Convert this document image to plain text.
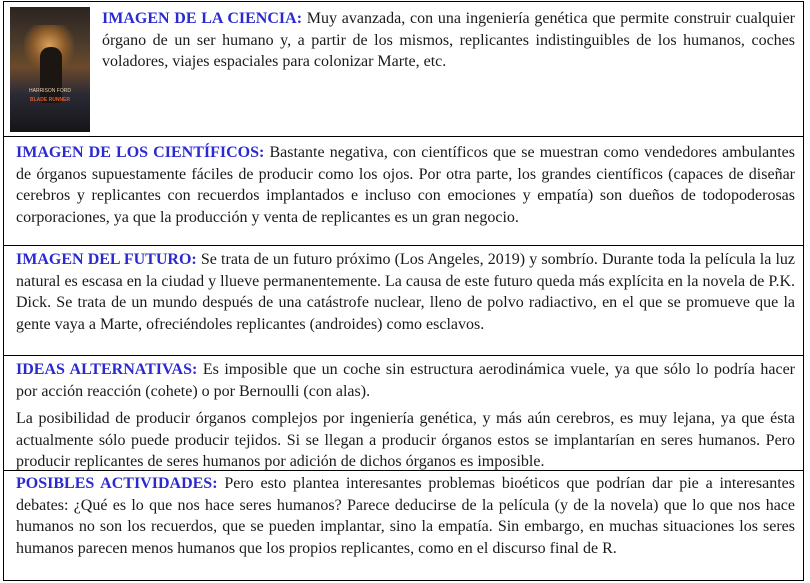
HARRISON FORD
BLADE RUNNER

IMAGEN DE LA CIENCIA: Muy avanzada, con una ingeniería genética que permite construir cualquier órgano de un ser humano y, a partir de los mismos, replicantes indistinguibles de los humanos, coches voladores, viajes espaciales para colonizar Marte, etc.

IMAGEN DE LOS CIENTÍFICOS: Bastante negativa, con científicos que se muestran como vendedores ambulantes de órganos supuestamente fáciles de producir como los ojos. Por otra parte, los grandes científicos (capaces de diseñar cerebros y replicantes con recuerdos implantados e incluso con emociones y empatía) son dueños de todopoderosas corporaciones, ya que la producción y venta de replicantes es un gran negocio.

IMAGEN DEL FUTURO: Se trata de un futuro próximo (Los Angeles, 2019) y sombrío. Durante toda la película la luz natural es escasa en la ciudad y llueve permanentemente. La causa de este futuro queda más explícita en la novela de P.K. Dick. Se trata de un mundo después de una catástrofe nuclear, lleno de polvo radiactivo, en el que se promueve que la gente vaya a Marte, ofreciéndoles replicantes (androides) como esclavos.

IDEAS ALTERNATIVAS: Es imposible que un coche sin estructura aerodinámica vuele, ya que sólo lo podría hacer por acción reacción (cohete) o por Bernoulli (con alas).

La posibilidad de producir órganos complejos por ingeniería genética, y más aún cerebros, es muy lejana, ya que ésta actualmente sólo puede producir tejidos. Si se llegan a producir órganos estos se implantarían en seres humanos. Pero producir replicantes de seres humanos por adición de dichos órganos es imposible.

POSIBLES ACTIVIDADES: Pero esto plantea interesantes problemas bioéticos que podrían dar pie a interesantes debates: ¿Qué es lo que nos hace seres humanos? Parece deducirse de la película (y de la novela) que lo que nos hace humanos no son los recuerdos, que se pueden implantar, sino la empatía. Sin embargo, en muchas situaciones los seres humanos parecen menos humanos que los propios replicantes, como en el discurso final de R.
